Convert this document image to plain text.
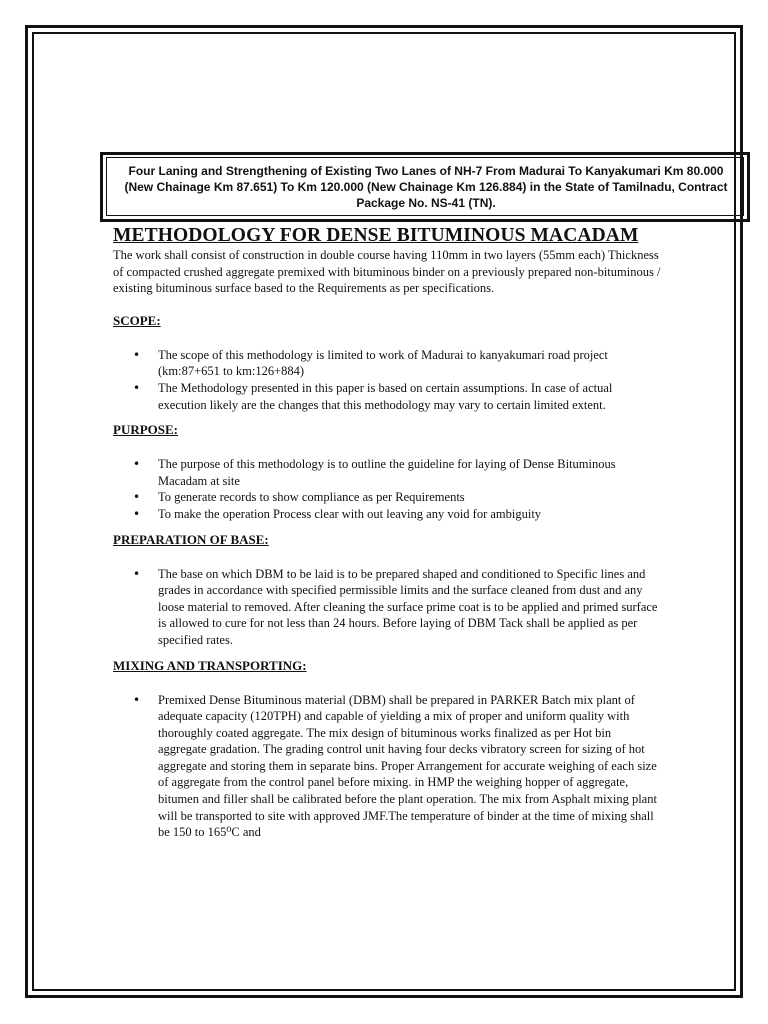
Four Laning and Strengthening of Existing Two Lanes of NH-7 From Madurai To Kanyakumari Km 80.000
(New Chainage Km 87.651) To Km 120.000 (New Chainage Km 126.884) in the State of Tamilnadu, Contract
Package No. NS-41 (TN).
METHODOLOGY FOR DENSE BITUMINOUS MACADAM

The work shall consist of construction in double course having 110mm in two layers (55mm each) Thickness of compacted crushed aggregate premixed with bituminous binder on a previously prepared non-bituminous / existing bituminous surface based to the Requirements as per specifications.

SCOPE:

• The scope of this methodology is limited to work of Madurai to kanyakumari road project (km:87+651 to km:126+884)
• The Methodology presented in this paper is based on certain assumptions. In case of actual execution likely are the changes that this methodology may vary to certain limited extent.

PURPOSE:

• The purpose of this methodology is to outline the guideline for laying of Dense Bituminous Macadam at site
• To generate records to show compliance as per Requirements
• To make the operation Process clear with out leaving any void for ambiguity

PREPARATION OF BASE:

• The base on which DBM to be laid is to be prepared shaped and conditioned to Specific lines and grades in accordance with specified permissible limits and the surface cleaned from dust and any loose material to removed. After cleaning the surface prime coat is to be applied and primed surface is allowed to cure for not less than 24 hours. Before laying of DBM Tack shall be applied as per specified rates.

MIXING AND TRANSPORTING:

• Premixed Dense Bituminous material (DBM) shall be prepared in PARKER Batch mix plant of adequate capacity (120TPH) and capable of yielding a mix of proper and uniform quality with thoroughly coated aggregate. The mix design of bituminous works finalized as per Hot bin aggregate gradation. The grading control unit having four decks vibratory screen for sizing of hot aggregate and storing them in separate bins. Proper Arrangement for accurate weighing of each size of aggregate from the control panel before mixing. in HMP the weighing hopper of aggregate, bitumen and filler shall be calibrated before the plant operation. The mix from Asphalt mixing plant will be transported to site with approved JMF.The temperature of binder at the time of mixing shall be 150 to 165⁰C and
